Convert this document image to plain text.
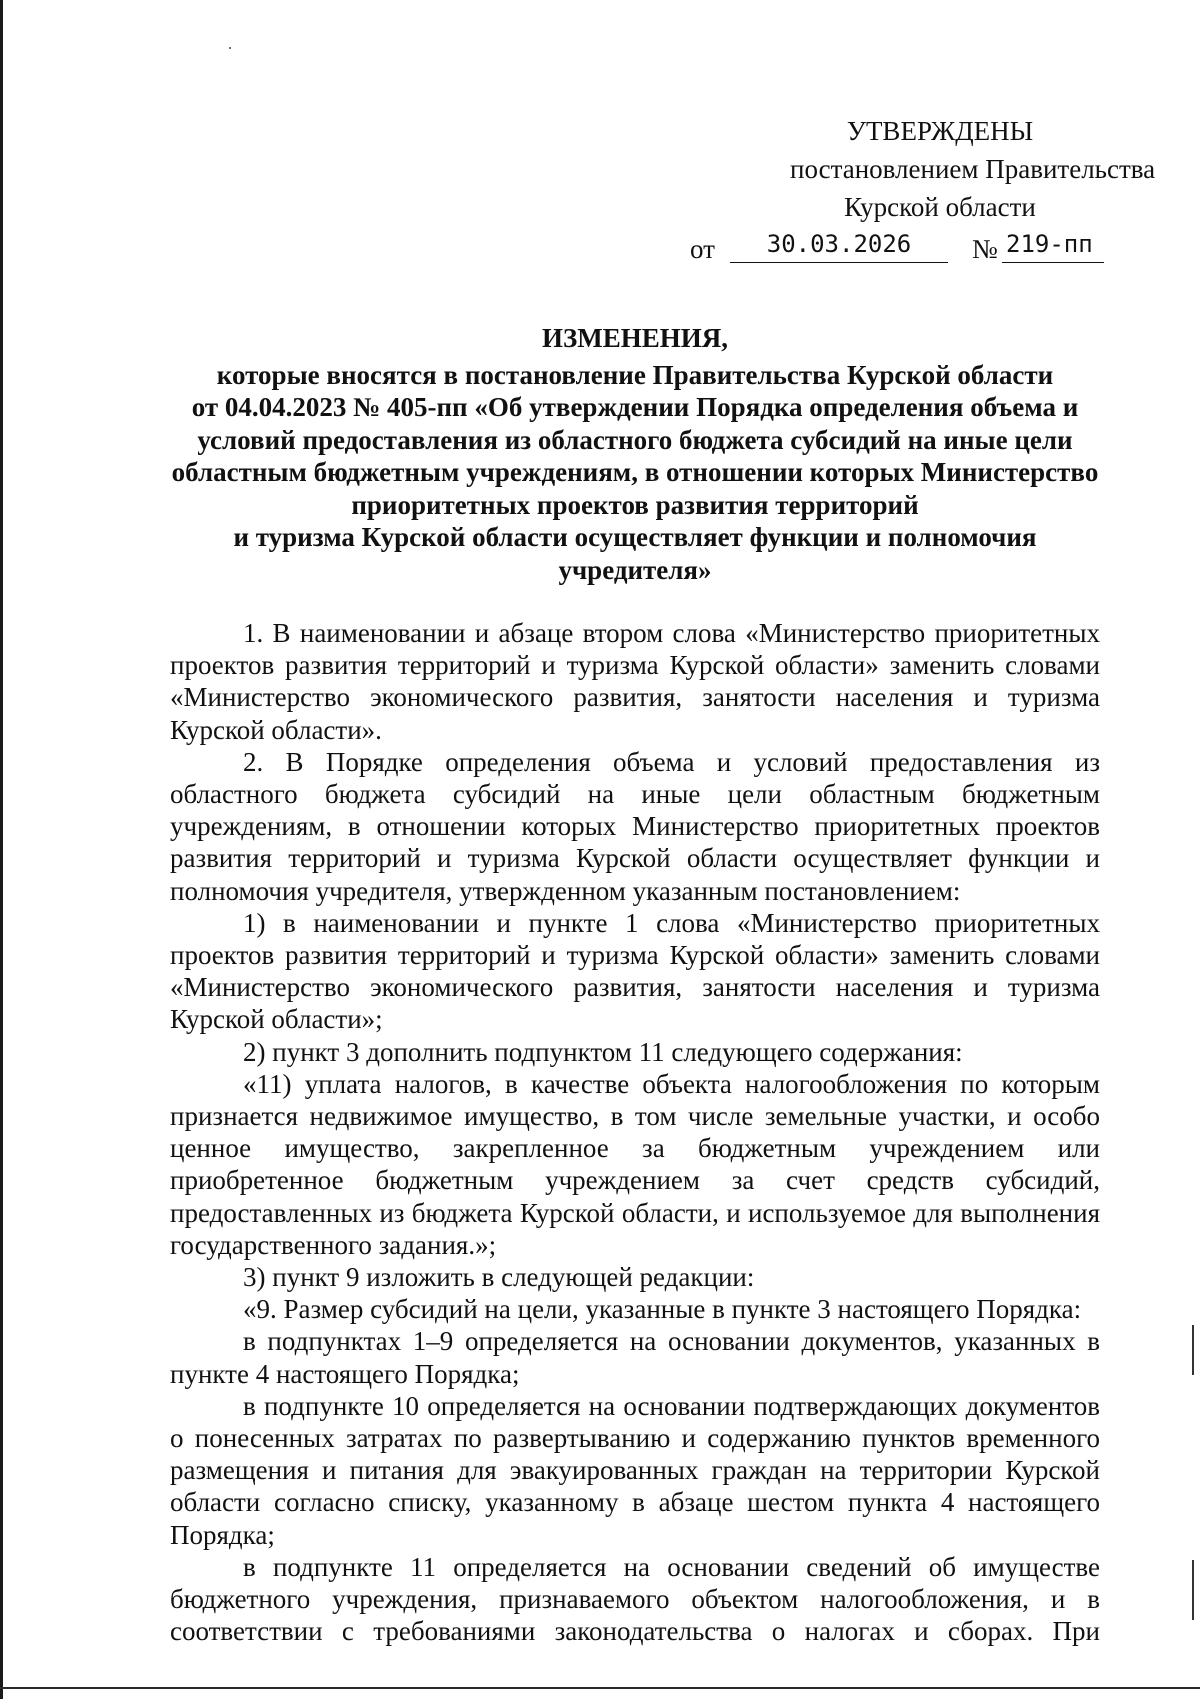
УТВЕРЖДЕНЫ
постановлением Правительства
Курской области
от	30.03.2026	№ 219-пп
ИЗМЕНЕНИЯ,
которые вносятся в постановление Правительства Курской области
от 04.04.2023 № 405-пп «Об утверждении Порядка определения объема и
условий предоставления из областного бюджета субсидий на иные цели
областным бюджетным учреждениям, в отношении которых Министерство
приоритетных проектов развития территорий
и туризма Курской области осуществляет функции и полномочия
учредителя»

1. В наименовании и абзаце втором слова «Министерство приоритетных проектов развития территорий и туризма Курской области» заменить словами «Министерство экономического развития, занятости населения и туризма Курской области».

2. В Порядке определения объема и условий предоставления из областного бюджета субсидий на иные цели областным бюджетным учреждениям, в отношении которых Министерство приоритетных проектов развития территорий и туризма Курской области осуществляет функции и полномочия учредителя, утвержденном указанным постановлением:

1) в наименовании и пункте 1 слова «Министерство приоритетных проектов развития территорий и туризма Курской области» заменить словами «Министерство экономического развития, занятости населения и туризма Курской области»;

2) пункт 3 дополнить подпунктом 11 следующего содержания:

«11) уплата налогов, в качестве объекта налогообложения по которым признается недвижимое имущество, в том числе земельные участки, и особо ценное имущество, закрепленное за бюджетным учреждением или приобретенное бюджетным учреждением за счет средств субсидий, предоставленных из бюджета Курской области, и используемое для выполнения государственного задания.»;

3) пункт 9 изложить в следующей редакции:

«9. Размер субсидий на цели, указанные в пункте 3 настоящего Порядка:

в подпунктах 1–9 определяется на основании документов, указанных в пункте 4 настоящего Порядка;

в подпункте 10 определяется на основании подтверждающих документов о понесенных затратах по развертыванию и содержанию пунктов временного размещения и питания для эвакуированных граждан на территории Курской области согласно списку, указанному в абзаце шестом пункта 4 настоящего Порядка;

в подпункте 11 определяется на основании сведений об имуществе бюджетного учреждения, признаваемого объектом налогообложения, и в соответствии с требованиями законодательства о налогах и сборах. При
